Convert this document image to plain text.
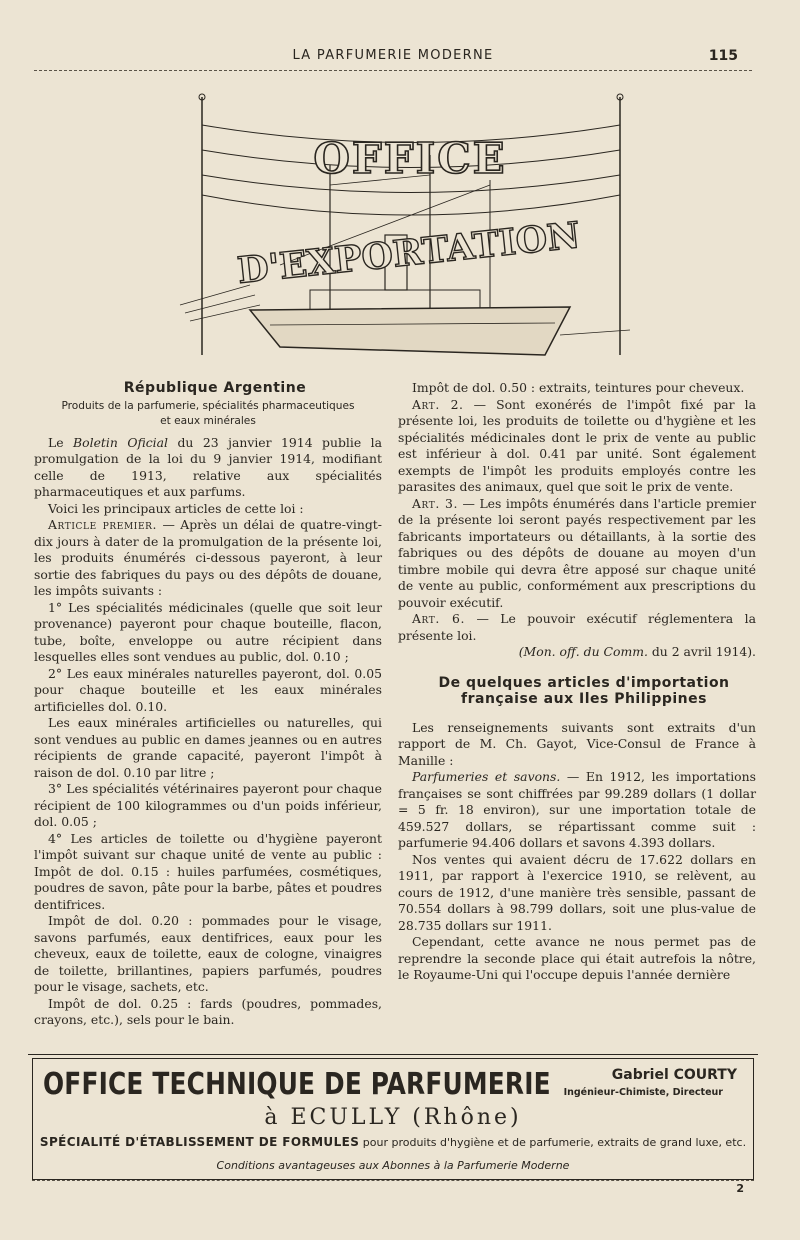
LA PARFUMERIE MODERNE	115
OFFICE
D'EXPORTATION

République Argentine

Produits de la parfumerie, spécialités pharmaceutiques
et eaux minérales

Le Boletin Oficial du 23 janvier 1914 publie la promulgation de la loi du 9 janvier 1914, modifiant celle de 1913, relative aux spécialités pharmaceutiques et aux parfums.

Voici les principaux articles de cette loi :

Article premier. — Après un délai de quatre-vingt-dix jours à dater de la promulgation de la présente loi, les produits énumérés ci-dessous payeront, à leur sortie des fabriques du pays ou des dépôts de douane, les impôts suivants :

1° Les spécialités médicinales (quelle que soit leur provenance) payeront pour chaque bouteille, flacon, tube, boîte, enveloppe ou autre récipient dans lesquelles elles sont vendues au public, dol. 0.10 ;

2° Les eaux minérales naturelles payeront, dol. 0.05 pour chaque bouteille et les eaux minérales artificielles dol. 0.10.

Les eaux minérales artificielles ou naturelles, qui sont vendues au public en dames jeannes ou en autres récipients de grande capacité, payeront l'impôt à raison de dol. 0.10 par litre ;

3° Les spécialités vétérinaires payeront pour chaque récipient de 100 kilogrammes ou d'un poids inférieur, dol. 0.05 ;

4° Les articles de toilette ou d'hygiène payeront l'impôt suivant sur chaque unité de vente au public : Impôt de dol. 0.15 : huiles parfumées, cosmétiques, poudres de savon, pâte pour la barbe, pâtes et poudres dentifrices.

Impôt de dol. 0.20 : pommades pour le visage, savons parfumés, eaux dentifrices, eaux pour les cheveux, eaux de toilette, eaux de cologne, vinaigres de toilette, brillantines, papiers parfumés, poudres pour le visage, sachets, etc.

Impôt de dol. 0.25 : fards (poudres, pommades, crayons, etc.), sels pour le bain.

Impôt de dol. 0.50 : extraits, teintures pour cheveux.

Art. 2. — Sont exonérés de l'impôt fixé par la présente loi, les produits de toilette ou d'hygiène et les spécialités médicinales dont le prix de vente au public est inférieur à dol. 0.41 par unité. Sont également exempts de l'impôt les produits employés contre les parasites des animaux, quel que soit le prix de vente.

Art. 3. — Les impôts énumérés dans l'article premier de la présente loi seront payés respectivement par les fabricants importateurs ou détaillants, à la sortie des fabriques ou des dépôts de douane au moyen d'un timbre mobile qui devra être apposé sur chaque unité de vente au public, conformément aux prescriptions du pouvoir exécutif.

Art. 6. — Le pouvoir exécutif réglementera la présente loi.

(Mon. off. du Comm. du 2 avril 1914).

De quelques articles d'importation

française aux Iles Philippines

Les renseignements suivants sont extraits d'un rapport de M. Ch. Gayot, Vice-Consul de France à Manille :

Parfumeries et savons. — En 1912, les importations françaises se sont chiffrées par 99.289 dollars (1 dollar = 5 fr. 18 environ), sur une importation totale de 459.527 dollars, se répartissant comme suit : parfumerie 94.406 dollars et savons 4.393 dollars.

Nos ventes qui avaient décru de 17.622 dollars en 1911, par rapport à l'exercice 1910, se relèvent, au cours de 1912, d'une manière très sensible, passant de 70.554 dollars à 98.799 dollars, soit une plus-value de 28.735 dollars sur 1911.

Cependant, cette avance ne nous permet pas de reprendre la seconde place qui était autrefois la nôtre, le Royaume-Uni qui l'occupe depuis l'année dernière

OFFICE TECHNIQUE DE PARFUMERIE	Gabriel COURTY
Ingénieur-Chimiste, Directeur
à ECULLY (Rhône)
SPÉCIALITÉ D'ÉTABLISSEMENT DE FORMULES pour produits d'hygiène et de parfumerie, extraits de grand luxe, etc.
Conditions avantageuses aux Abonnes à la Parfumerie Moderne
2
